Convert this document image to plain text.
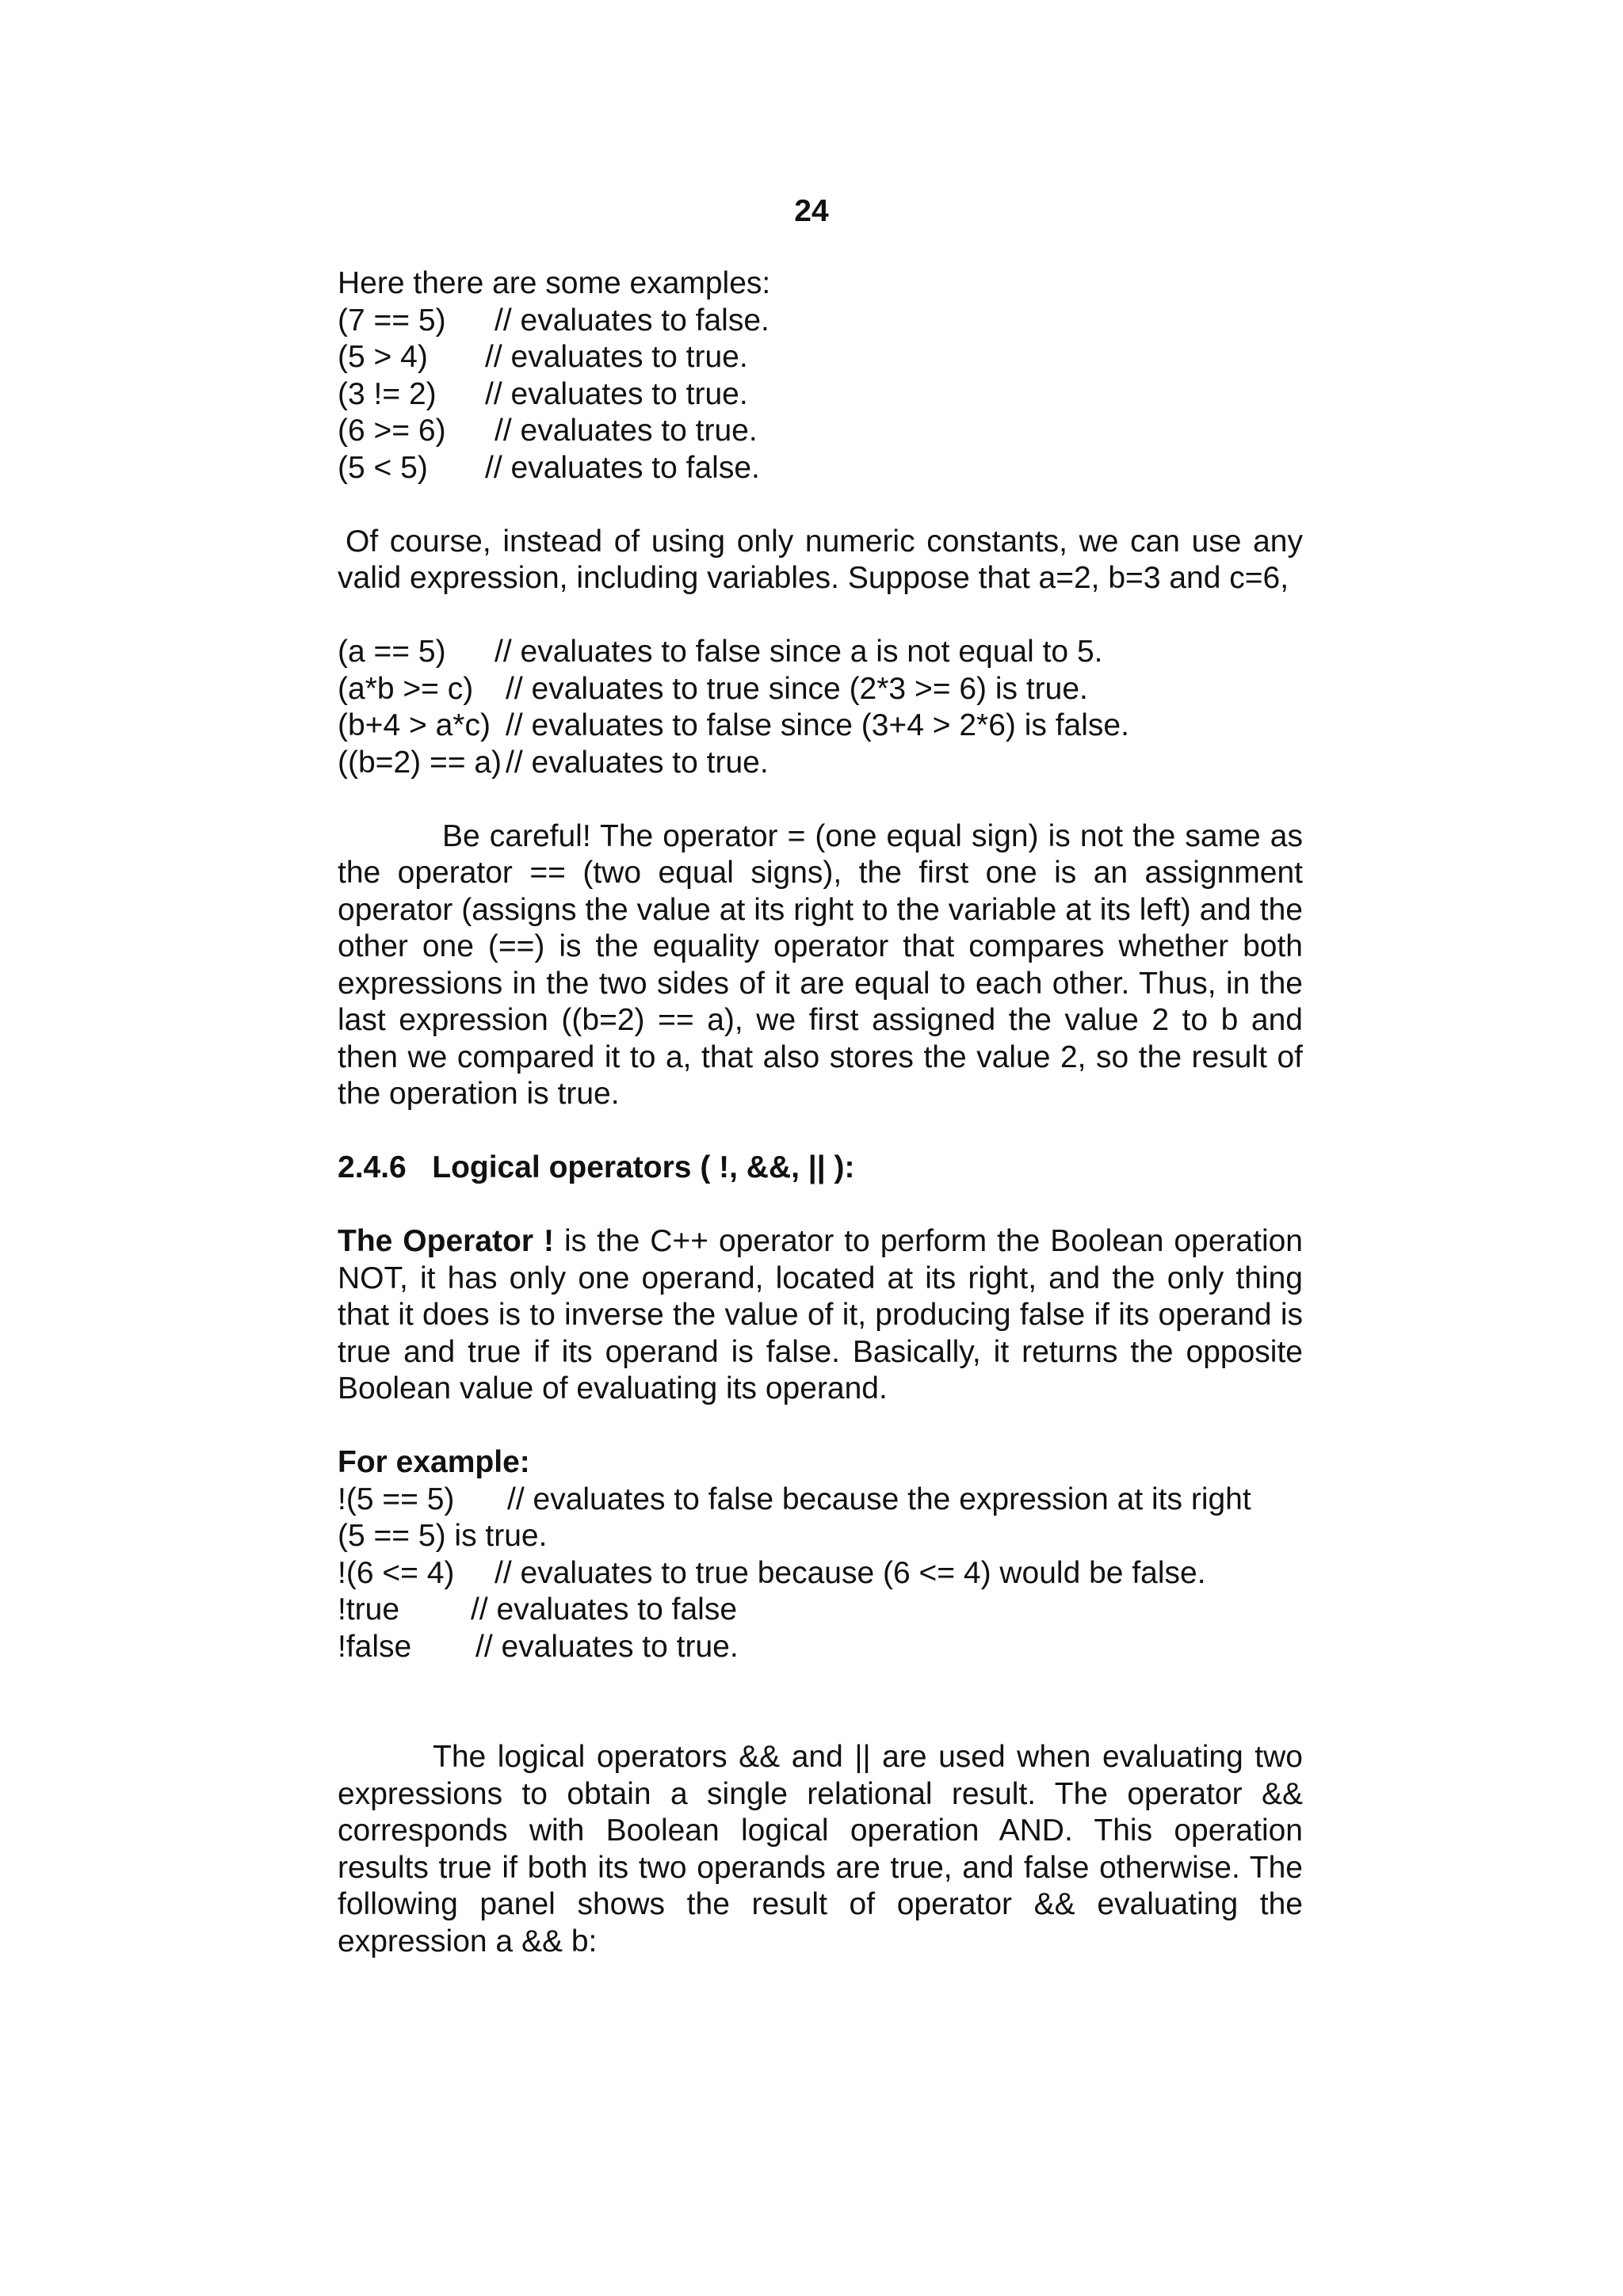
24
Here there are some examples:
(7 == 5)	// evaluates to false.
(5 > 4)	// evaluates to true.
(3 != 2)	// evaluates to true.
(6 >= 6)	// evaluates to true.
(5 < 5)	// evaluates to false.

Of course, instead of using only numeric constants, we can use any valid expression, including variables. Suppose that a=2, b=3 and c=6,

(a == 5)	// evaluates to false since a is not equal to 5.
(a*b >= c)	// evaluates to true since (2*3 >= 6) is true.
(b+4 > a*c) // evaluates to false since (3+4 > 2*6) is false.
((b=2) == a) // evaluates to true.

Be careful! The operator = (one equal sign) is not the same as the operator == (two equal signs), the first one is an assignment operator (assigns the value at its right to the variable at its left) and the other one (==) is the equality operator that compares whether both expressions in the two sides of it are equal to each other. Thus, in the last expression ((b=2) == a), we first assigned the value 2 to b and then we compared it to a, that also stores the value 2, so the result of the operation is true.

2.4.6   Logical operators ( !, &&, || ):

The Operator ! is the C++ operator to perform the Boolean operation NOT, it has only one operand, located at its right, and the only thing that it does is to inverse the value of it, producing false if its operand is true and true if its operand is false. Basically, it returns the opposite Boolean value of evaluating its operand.

For example:
!(5 == 5)	// evaluates to false because the expression at its right
(5 == 5) is true.
!(6 <= 4)	// evaluates to true because (6 <= 4) would be false.
!true	// evaluates to false
!false	// evaluates to true.

The logical operators && and || are used when evaluating two expressions to obtain a single relational result. The operator && corresponds with Boolean logical operation AND. This operation results true if both its two operands are true, and false otherwise. The following panel shows the result of operator && evaluating the expression a && b:
